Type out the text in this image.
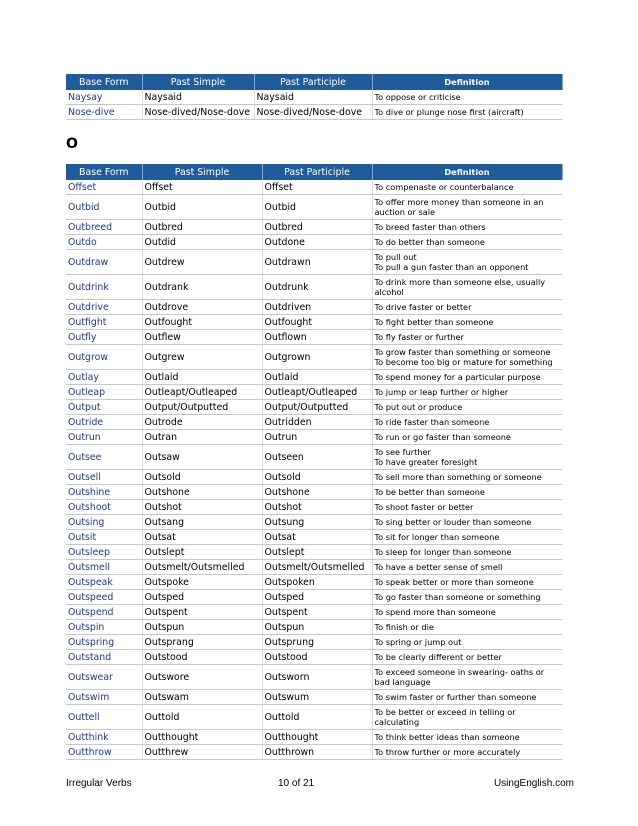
Base Form	Past Simple	Past Participle	Definition
Naysay	Naysaid	Naysaid	To oppose or criticise
Nose-dive	Nose-dived/Nose-dove	Nose-dived/Nose-dove	To dive or plunge nose first (aircraft)
O
Base Form	Past Simple	Past Participle	Definition
Offset	Offset	Offset	To compenaste or counterbalance
Outbid	Outbid	Outbid	To offer more money than someone in an auction or sale
Outbreed	Outbred	Outbred	To breed faster than others
Outdo	Outdid	Outdone	To do better than someone
Outdraw	Outdrew	Outdrawn	To pull out
To pull a gun faster than an opponent
Outdrink	Outdrank	Outdrunk	To drink more than someone else, usually alcohol
Outdrive	Outdrove	Outdriven	To drive faster or better
Outfight	Outfought	Outfought	To fight better than someone
Outfly	Outflew	Outflown	To fly faster or further
Outgrow	Outgrew	Outgrown	To grow faster than something or someone
To become too big or mature for something
Outlay	Outlaid	Outlaid	To spend money for a particular purpose
Outleap	Outleapt/Outleaped	Outleapt/Outleaped	To jump or leap further or higher
Output	Output/Outputted	Output/Outputted	To put out or produce
Outride	Outrode	Outridden	To ride faster than someone
Outrun	Outran	Outrun	To run or go faster than someone
Outsee	Outsaw	Outseen	To see further
To have greater foresight
Outsell	Outsold	Outsold	To sell more than something or someone
Outshine	Outshone	Outshone	To be better than someone
Outshoot	Outshot	Outshot	To shoot faster or better
Outsing	Outsang	Outsung	To sing better or louder than someone
Outsit	Outsat	Outsat	To sit for longer than someone
Outsleep	Outslept	Outslept	To sleep for longer than someone
Outsmell	Outsmelt/Outsmelled	Outsmelt/Outsmelled	To have a better sense of smell
Outspeak	Outspoke	Outspoken	To speak better or more than someone
Outspeed	Outsped	Outsped	To go faster than someone or something
Outspend	Outspent	Outspent	To spend more than someone
Outspin	Outspun	Outspun	To finish or die
Outspring	Outsprang	Outsprung	To spring or jump out
Outstand	Outstood	Outstood	To be clearly different or better
Outswear	Outswore	Outsworn	To exceed someone in swearing- oaths or bad language
Outswim	Outswam	Outswum	To swim faster or further than someone
Outtell	Outtold	Outtold	To be better or exceed in telling or calculating
Outthink	Outthought	Outthought	To think better ideas than someone
Outthrow	Outthrew	Outthrown	To throw further or more accurately
Irregular Verbs	10 of 21	UsingEnglish.com
